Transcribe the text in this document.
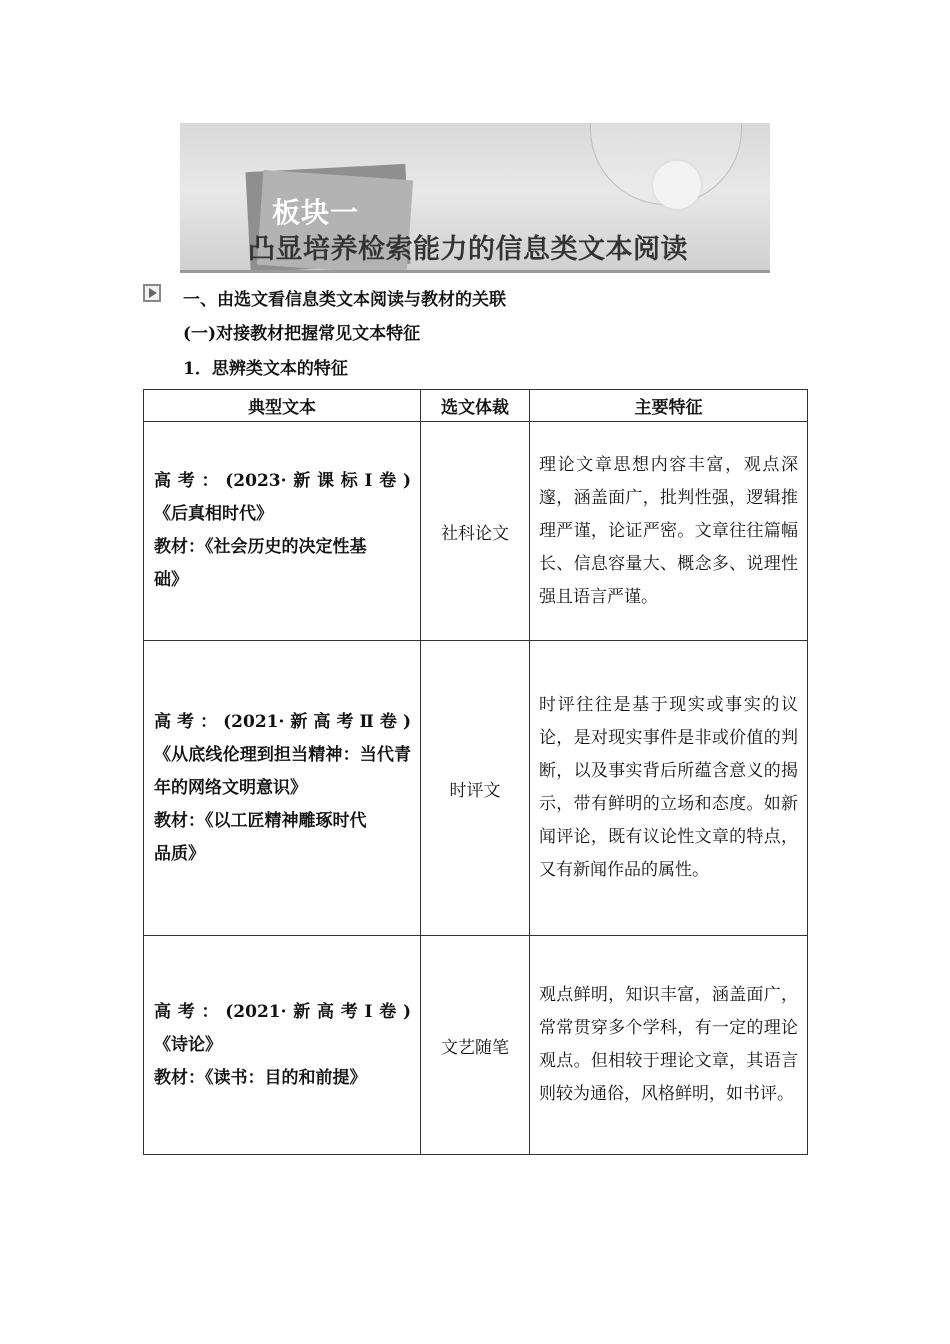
板块一
凸显培养检索能力的信息类文本阅读
一、由选文看信息类文本阅读与教材的关联
(一)对接教材把握常见文本特征
1．思辨类文本的特征
典型文本	选文体裁	主要特征

高考：(2023·新课标Ⅰ卷)
《后真相时代》
教材：《社会历史的决定性基
础》	社科论文	理论文章思想内容丰富，观点深邃，涵盖面广，批判性强，逻辑推理严谨，论证严密。文章往往篇幅长、信息容量大、概念多、说理性强且语言严谨。

高考：(2021·新高考Ⅱ卷)
《从底线伦理到担当精神：当代青年的网络文明意识》
教材：《以工匠精神雕琢时代
品质》	时评文	时评往往是基于现实或事实的议论，是对现实事件是非或价值的判断，以及事实背后所蕴含意义的揭示，带有鲜明的立场和态度。如新闻评论，既有议论性文章的特点，又有新闻作品的属性。

高考：(2021·新高考Ⅰ卷)
《诗论》
教材：《读书：目的和前提》	文艺随笔	观点鲜明，知识丰富，涵盖面广，常常贯穿多个学科，有一定的理论观点。但相较于理论文章，其语言则较为通俗，风格鲜明，如书评。
